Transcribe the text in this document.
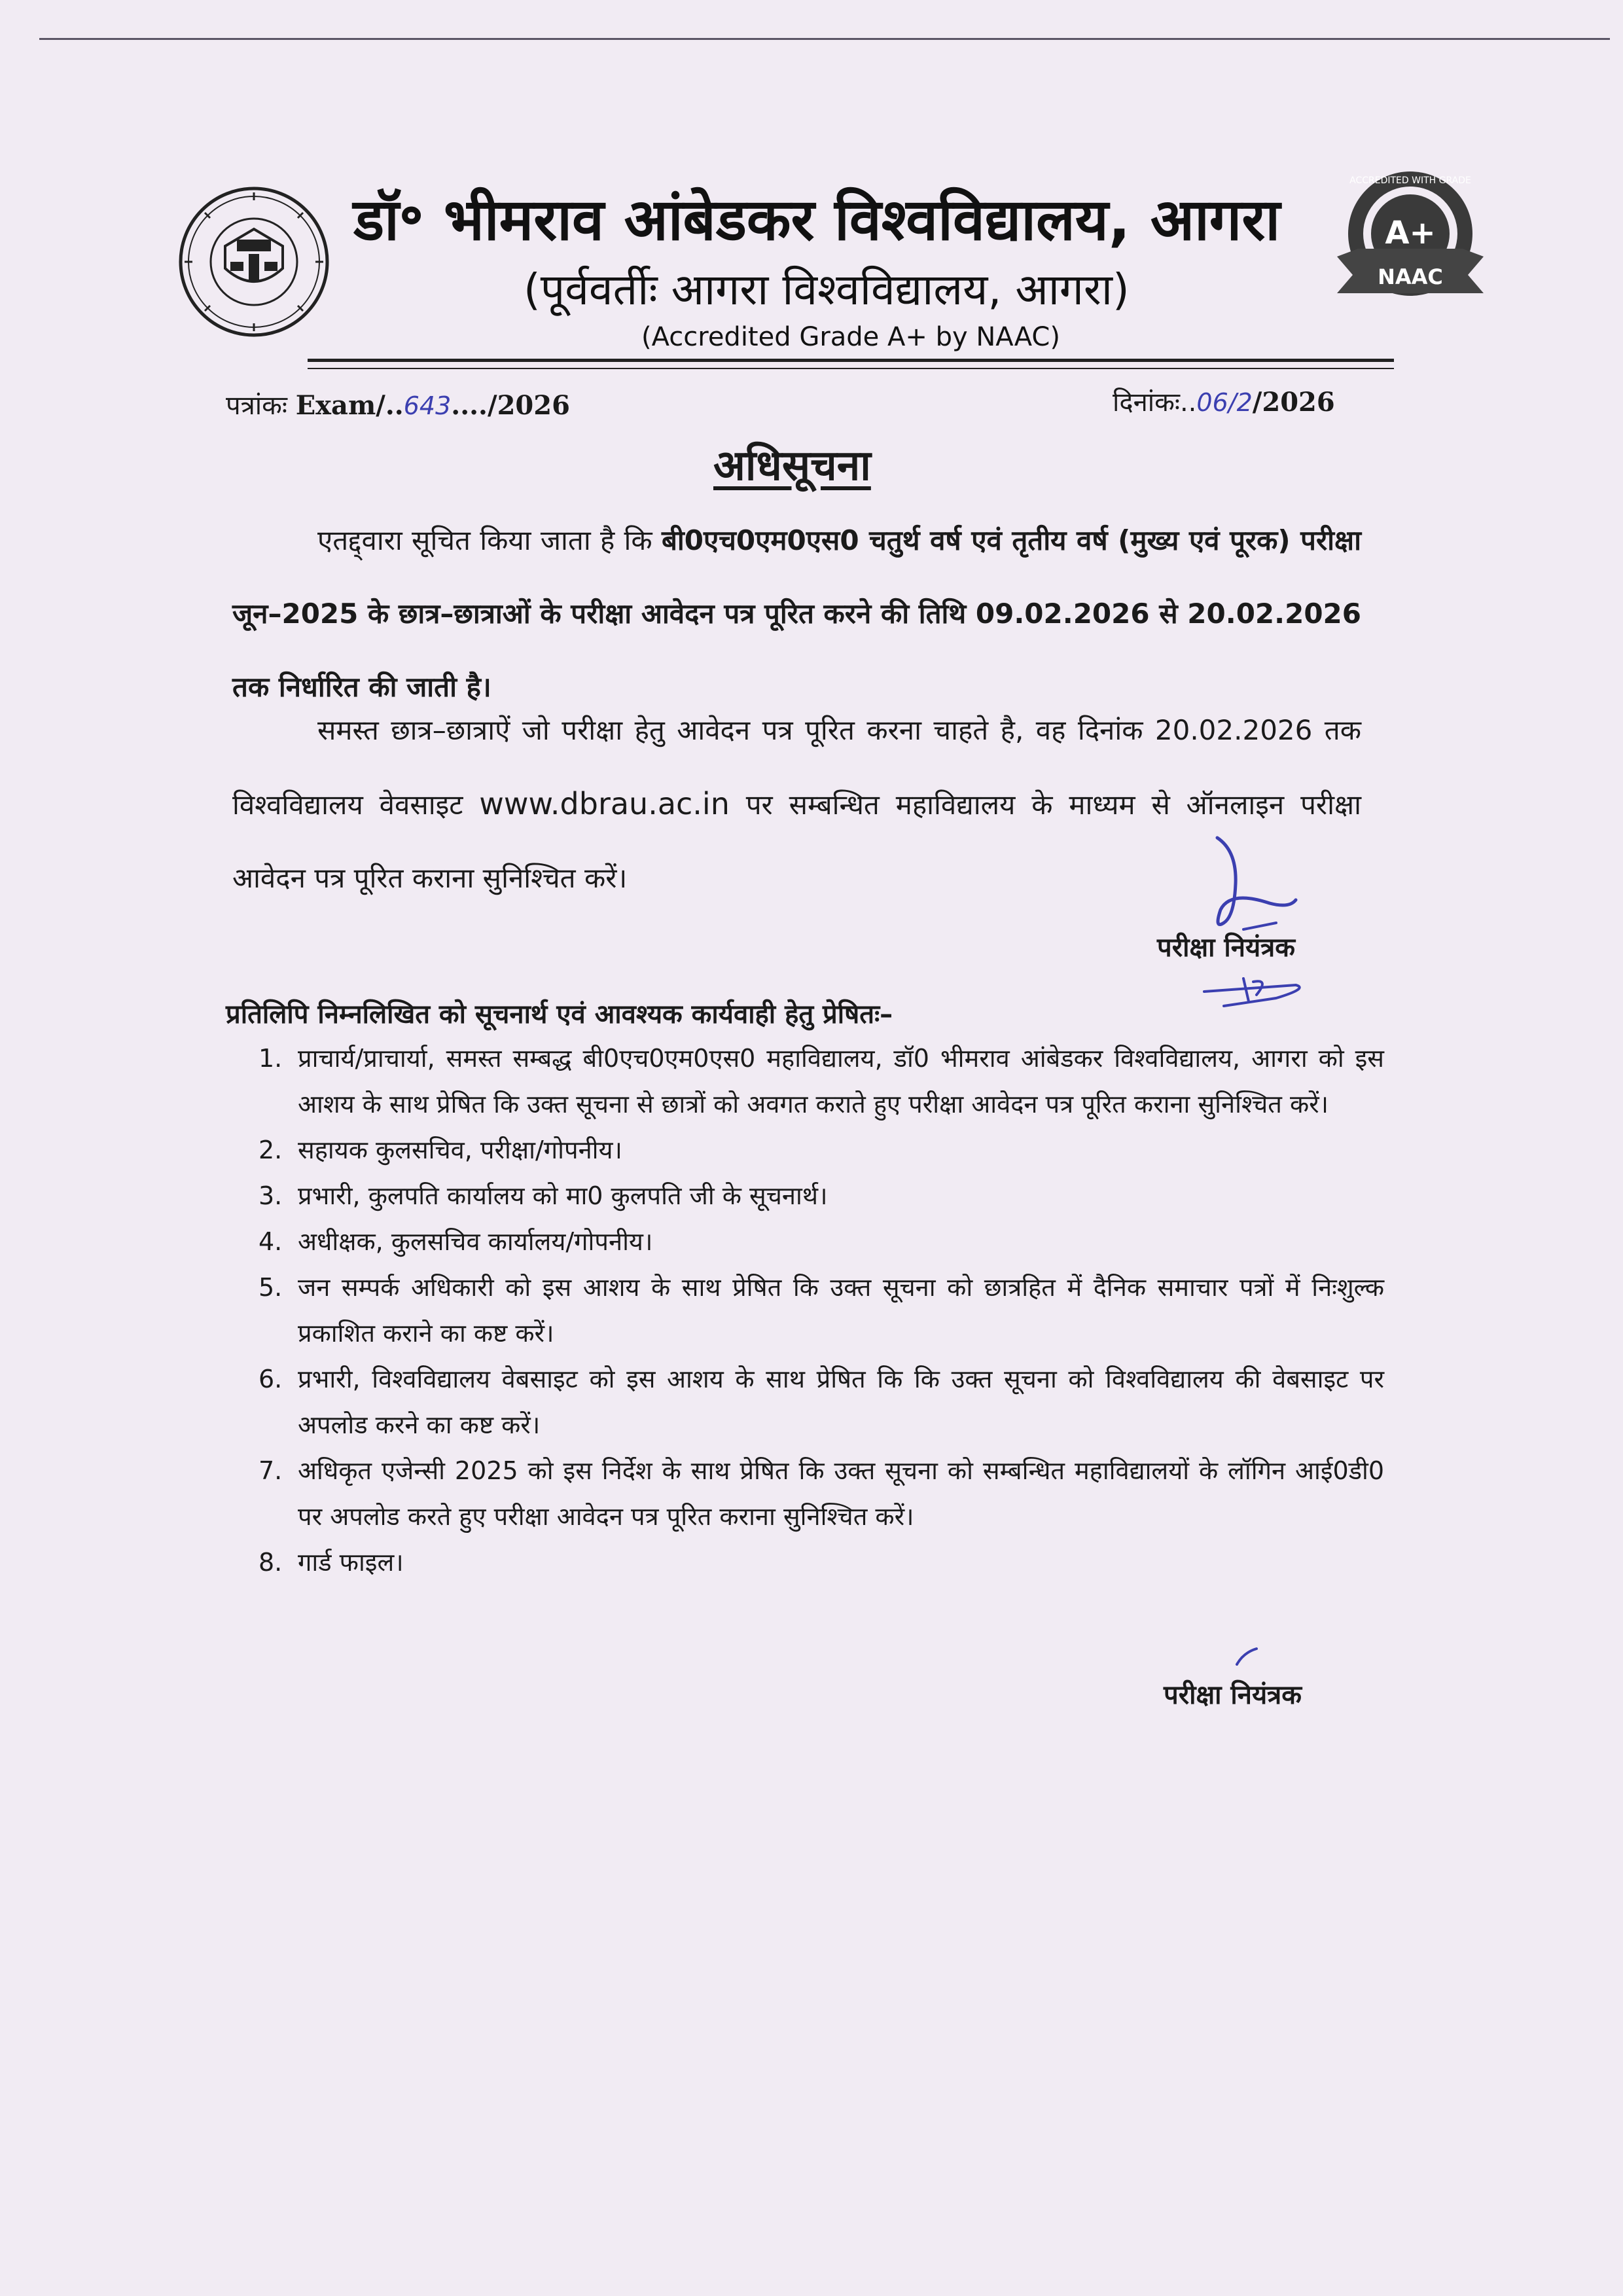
A+
NAAC
ACCREDITED WITH GRADE
डॉ॰ भीमराव आंबेडकर विश्वविद्यालय, आगरा
(पूर्ववर्तीः आगरा विश्वविद्यालय, आगरा)
(Accredited Grade A+ by NAAC)
पत्रांकः Exam/..643..../2026	दिनांकः..06/2/2026
अधिसूचना
एतद्द्वारा सूचित किया जाता है कि बी0एच0एम0एस0 चतुर्थ वर्ष एवं तृतीय वर्ष (मुख्य एवं पूरक) परीक्षा जून–2025 के छात्र–छात्राओं के परीक्षा आवेदन पत्र पूरित करने की तिथि 09.02.2026 से 20.02.2026 तक निर्धारित की जाती है।
समस्त छात्र–छात्राऐं जो परीक्षा हेतु आवेदन पत्र पूरित करना चाहते है, वह दिनांक 20.02.2026 तक विश्वविद्यालय वेवसाइट www.dbrau.ac.in पर सम्बन्धित महाविद्यालय के माध्यम से ऑनलाइन परीक्षा आवेदन पत्र पूरित कराना सुनिश्चित करें।
परीक्षा नियंत्रक
प्रतिलिपि निम्नलिखित को सूचनार्थ एवं आवश्यक कार्यवाही हेतु प्रेषितः–
1. प्राचार्य/प्राचार्या, समस्त सम्बद्ध बी0एच0एम0एस0 महाविद्यालय, डॉ0 भीमराव आंबेडकर विश्वविद्यालय, आगरा को इस आशय के साथ प्रेषित कि उक्त सूचना से छात्रों को अवगत कराते हुए परीक्षा आवेदन पत्र पूरित कराना सुनिश्चित करें।
2. सहायक कुलसचिव, परीक्षा/गोपनीय।
3. प्रभारी, कुलपति कार्यालय को मा0 कुलपति जी के सूचनार्थ।
4. अधीक्षक, कुलसचिव कार्यालय/गोपनीय।
5. जन सम्पर्क अधिकारी को इस आशय के साथ प्रेषित कि उक्त सूचना को छात्रहित में दैनिक समाचार पत्रों में निःशुल्क प्रकाशित कराने का कष्ट करें।
6. प्रभारी, विश्वविद्यालय वेबसाइट को इस आशय के साथ प्रेषित कि कि उक्त सूचना को विश्वविद्यालय की वेबसाइट पर अपलोड करने का कष्ट करें।
7. अधिकृत एजेन्सी 2025 को इस निर्देश के साथ प्रेषित कि उक्त सूचना को सम्बन्धित महाविद्यालयों के लॉगिन आई0डी0 पर अपलोड करते हुए परीक्षा आवेदन पत्र पूरित कराना सुनिश्चित करें।
8. गार्ड फाइल।
परीक्षा नियंत्रक
